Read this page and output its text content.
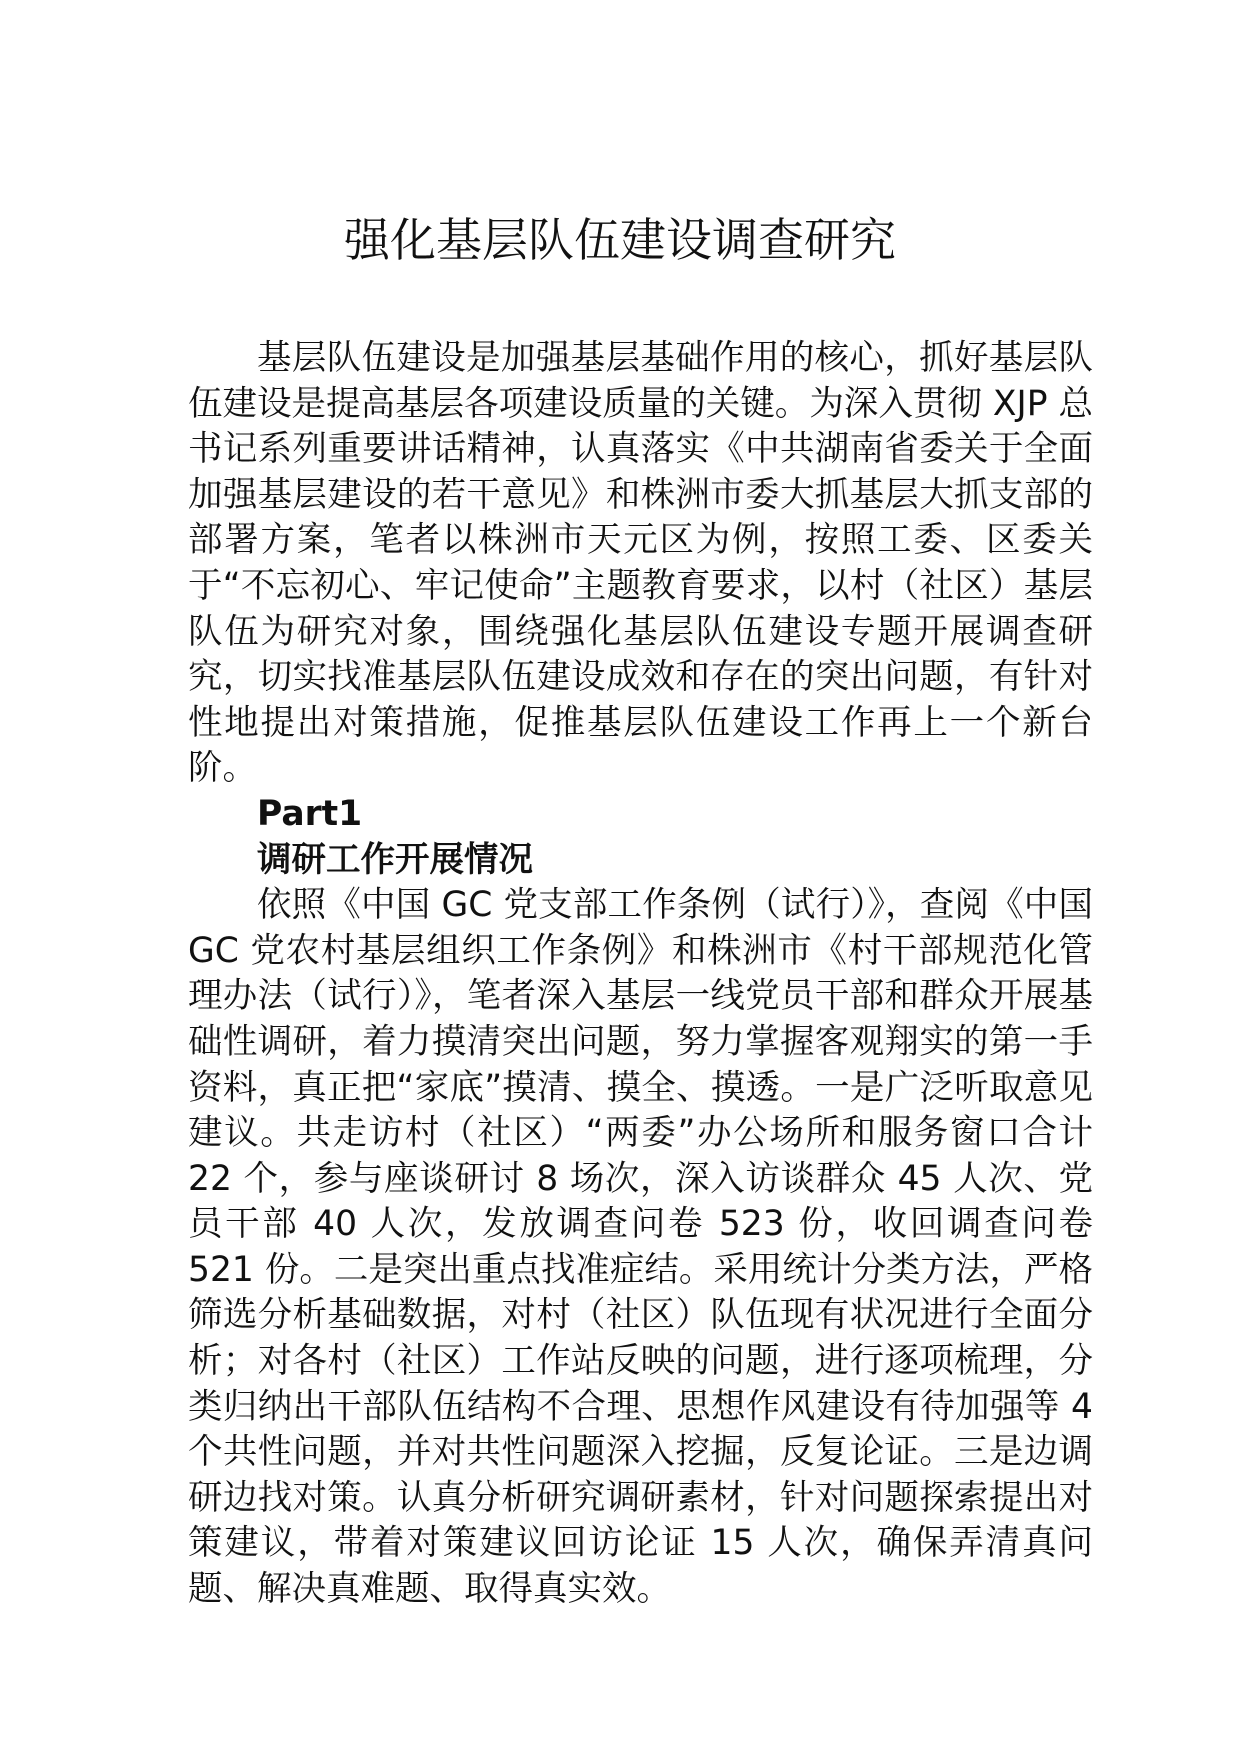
强化基层队伍建设调查研究

基层队伍建设是加强基层基础作用的核心，抓好基层队伍建设是提高基层各项建设质量的关键。为深入贯彻 XJP 总书记系列重要讲话精神，认真落实《中共湖南省委关于全面加强基层建设的若干意见》和株洲市委大抓基层大抓支部的部署方案，笔者以株洲市天元区为例，按照工委、区委关于“不忘初心、牢记使命”主题教育要求，以村（社区）基层队伍为研究对象，围绕强化基层队伍建设专题开展调查研究，切实找准基层队伍建设成效和存在的突出问题，有针对性地提出对策措施，促推基层队伍建设工作再上一个新台阶。

Part1

调研工作开展情况

依照《中国 GC 党支部工作条例（试行）》，查阅《中国 GC 党农村基层组织工作条例》和株洲市《村干部规范化管理办法（试行）》，笔者深入基层一线党员干部和群众开展基础性调研，着力摸清突出问题，努力掌握客观翔实的第一手资料，真正把“家底”摸清、摸全、摸透。一是广泛听取意见建议。共走访村（社区）“两委”办公场所和服务窗口合计 22 个，参与座谈研讨 8 场次，深入访谈群众 45 人次、党员干部 40 人次，发放调查问卷 523 份，收回调查问卷 521 份。二是突出重点找准症结。采用统计分类方法，严格筛选分析基础数据，对村（社区）队伍现有状况进行全面分析；对各村（社区）工作站反映的问题，进行逐项梳理，分类归纳出干部队伍结构不合理、思想作风建设有待加强等 4 个共性问题，并对共性问题深入挖掘，反复论证。三是边调研边找对策。认真分析研究调研素材，针对问题探索提出对策建议，带着对策建议回访论证 15 人次，确保弄清真问题、解决真难题、取得真实效。
